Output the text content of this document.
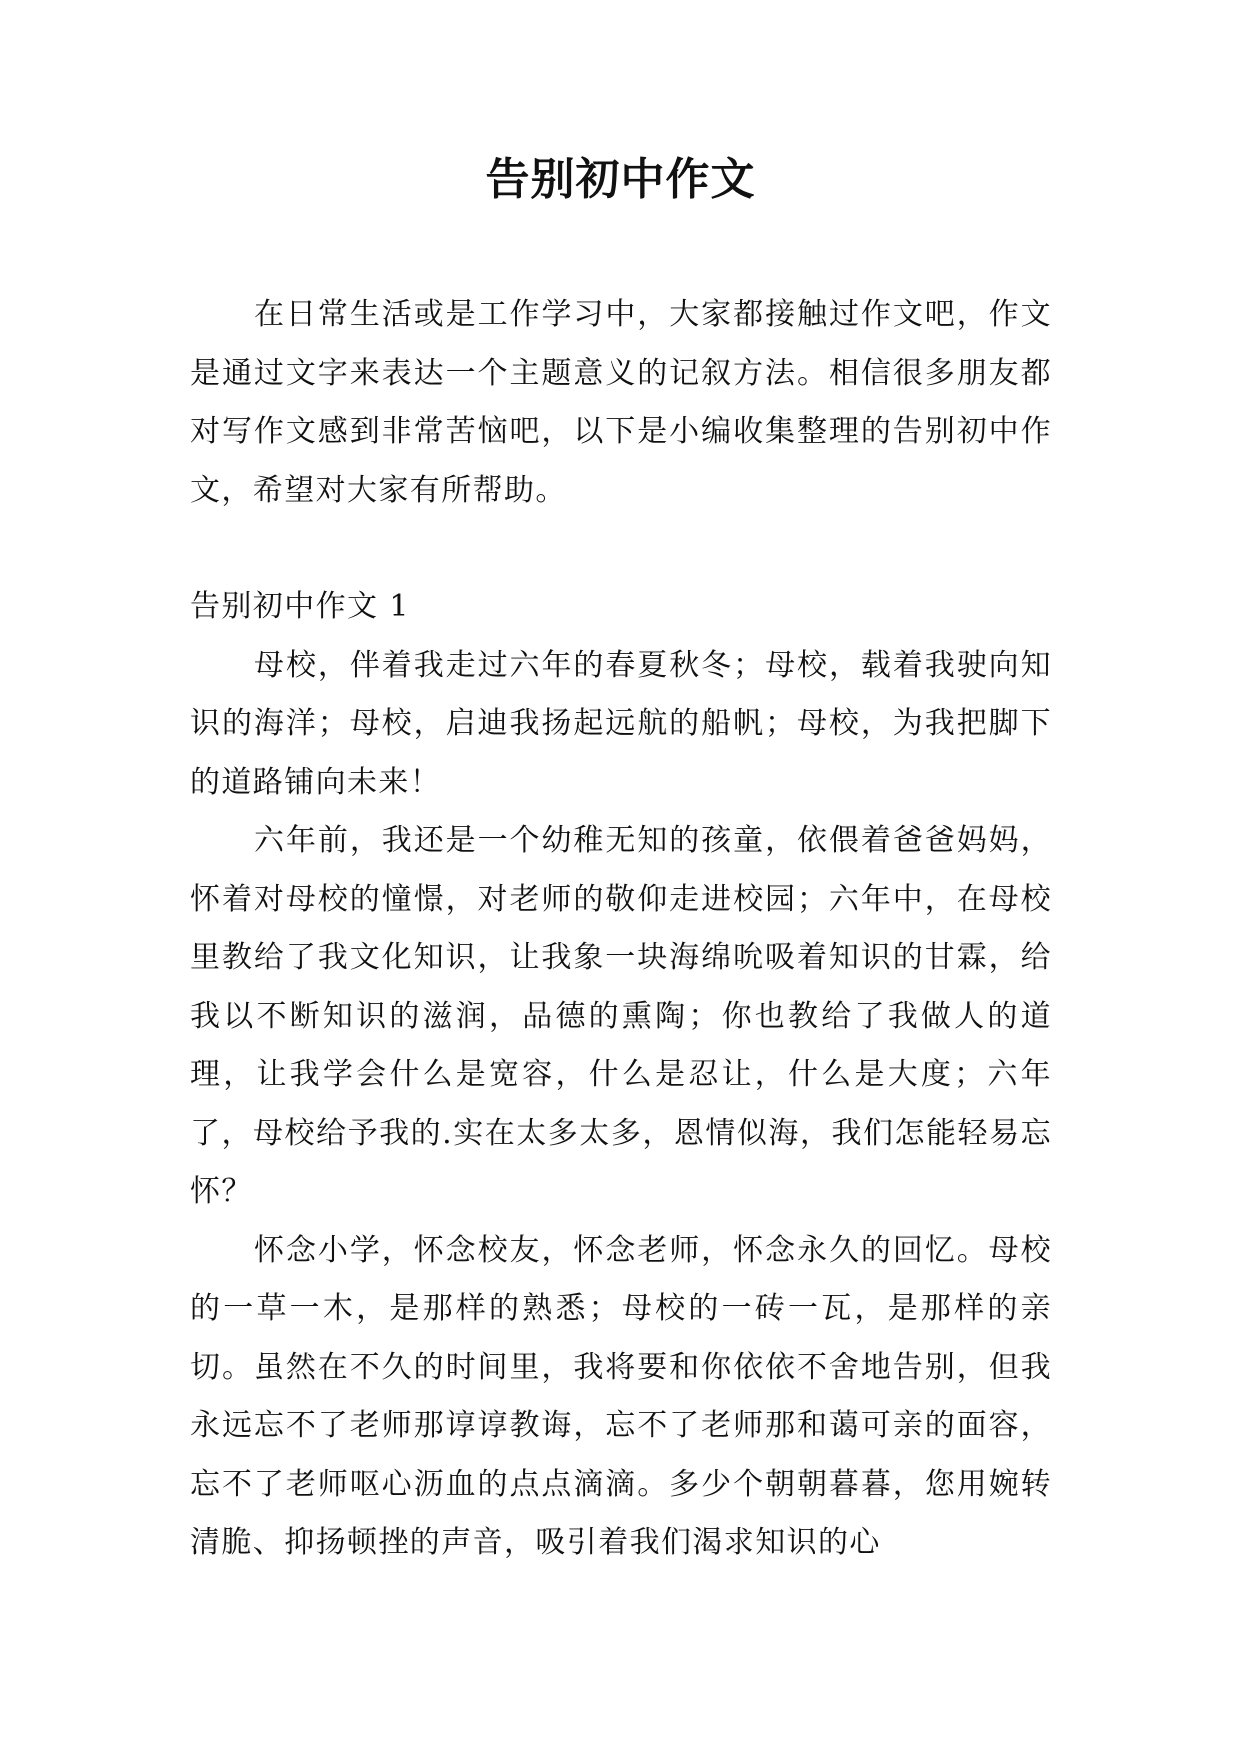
告别初中作文

在日常生活或是工作学习中，大家都接触过作文吧，作文是通过文字来表达一个主题意义的记叙方法。相信很多朋友都对写作文感到非常苦恼吧，以下是小编收集整理的告别初中作文，希望对大家有所帮助。

告别初中作文 1

母校，伴着我走过六年的春夏秋冬；母校，载着我驶向知识的海洋；母校，启迪我扬起远航的船帆；母校，为我把脚下的道路铺向未来！

六年前，我还是一个幼稚无知的孩童，依偎着爸爸妈妈，怀着对母校的憧憬，对老师的敬仰走进校园；六年中，在母校里教给了我文化知识，让我象一块海绵吮吸着知识的甘霖，给我以不断知识的滋润，品德的熏陶；你也教给了我做人的道理，让我学会什么是宽容，什么是忍让，什么是大度；六年了，母校给予我的.实在太多太多，恩情似海，我们怎能轻易忘怀？

怀念小学，怀念校友，怀念老师，怀念永久的回忆。母校的一草一木，是那样的熟悉；母校的一砖一瓦，是那样的亲切。虽然在不久的时间里，我将要和你依依不舍地告别，但我永远忘不了老师那谆谆教诲，忘不了老师那和蔼可亲的面容，忘不了老师呕心沥血的点点滴滴。多少个朝朝暮暮，您用婉转清脆、抑扬顿挫的声音，吸引着我们渴求知识的心
